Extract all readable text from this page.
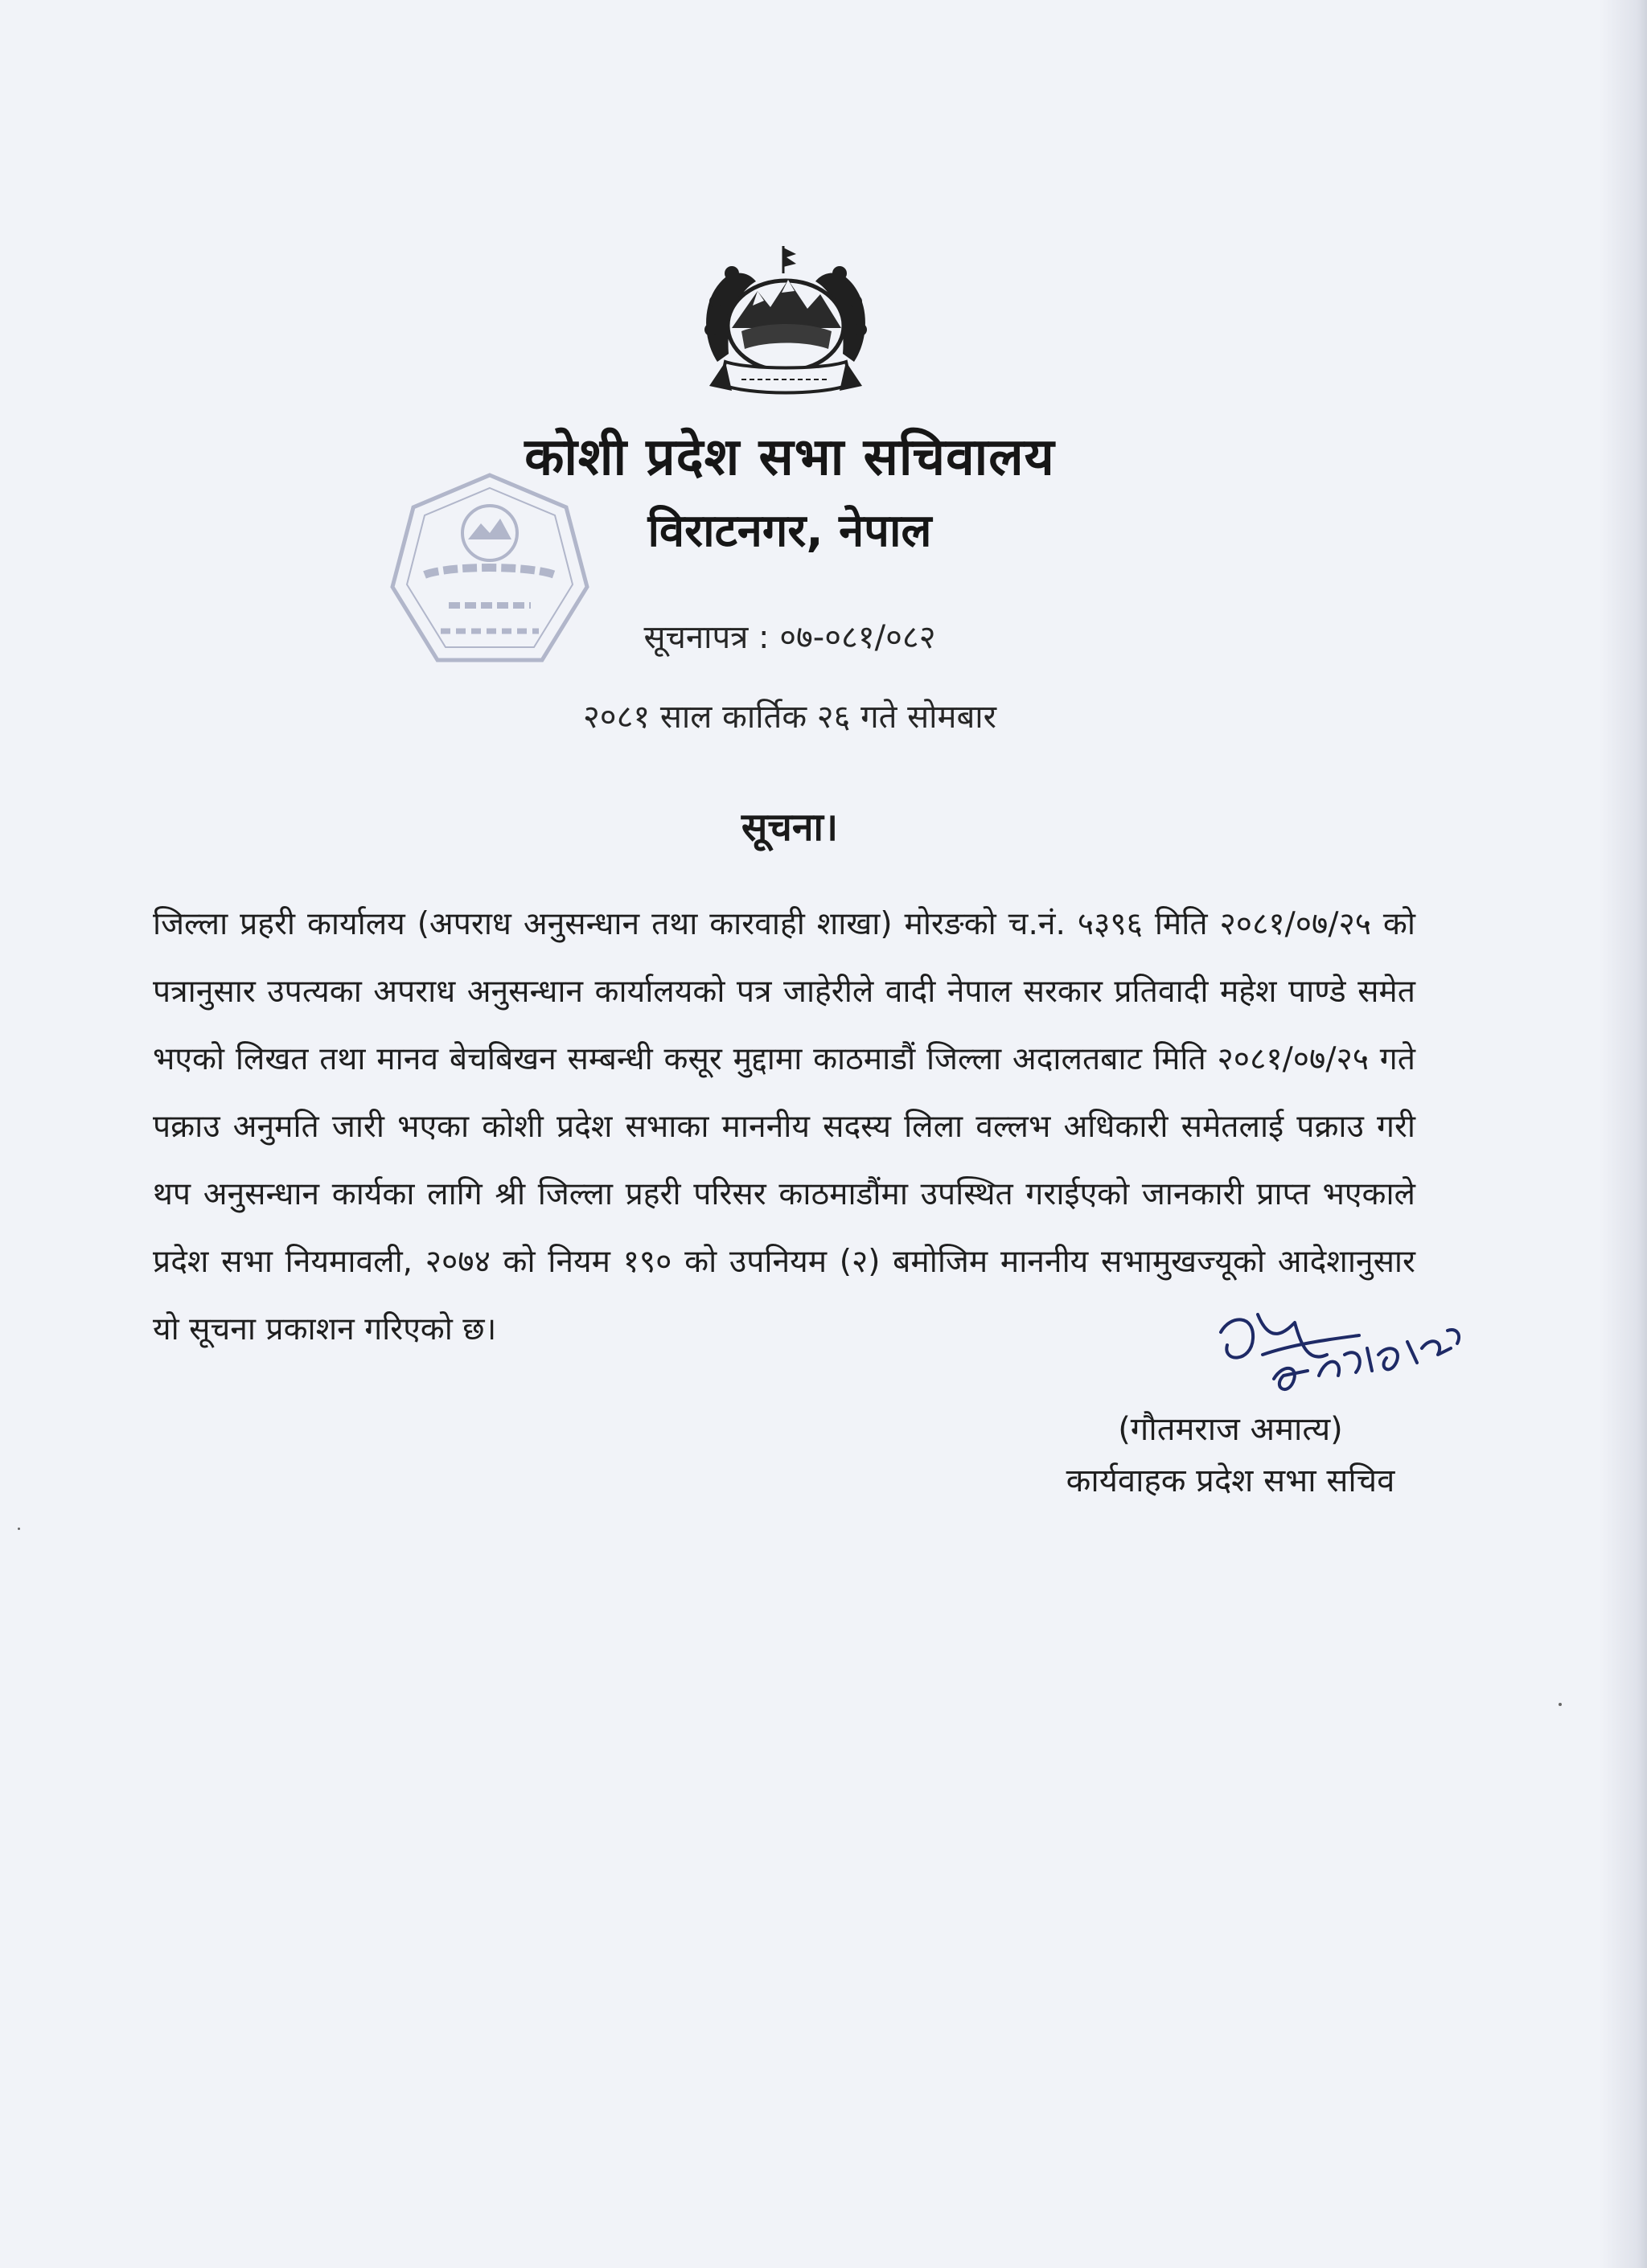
कोशी प्रदेश सभा सचिवालय
विराटनगर, नेपाल

सूचनापत्र : ०७-०८१/०८२

२०८१ साल कार्तिक २६ गते सोमबार

सूचना।

जिल्ला प्रहरी कार्यालय (अपराध अनुसन्धान तथा कारवाही शाखा) मोरङको च.नं. ५३९६ मिति २०८१/०७/२५ को पत्रानुसार उपत्यका अपराध अनुसन्धान कार्यालयको पत्र जाहेरीले वादी नेपाल सरकार प्रतिवादी महेश पाण्डे समेत भएको लिखत तथा मानव बेचबिखन सम्बन्धी कसूर मुद्दामा काठमाडौं जिल्ला अदालतबाट मिति २०८१/०७/२५ गते पक्राउ अनुमति जारी भएका कोशी प्रदेश सभाका माननीय सदस्य लिला वल्लभ अधिकारी समेतलाई पक्राउ गरी थप अनुसन्धान कार्यका लागि श्री जिल्ला प्रहरी परिसर काठमाडौंमा उपस्थित गराईएको जानकारी प्राप्त भएकाले प्रदेश सभा नियमावली, २०७४ को नियम १९० को उपनियम (२) बमोजिम माननीय सभामुखज्यूको आदेशानुसार यो सूचना प्रकाशन गरिएको छ।

(गौतमराज अमात्य)

कार्यवाहक प्रदेश सभा सचिव
